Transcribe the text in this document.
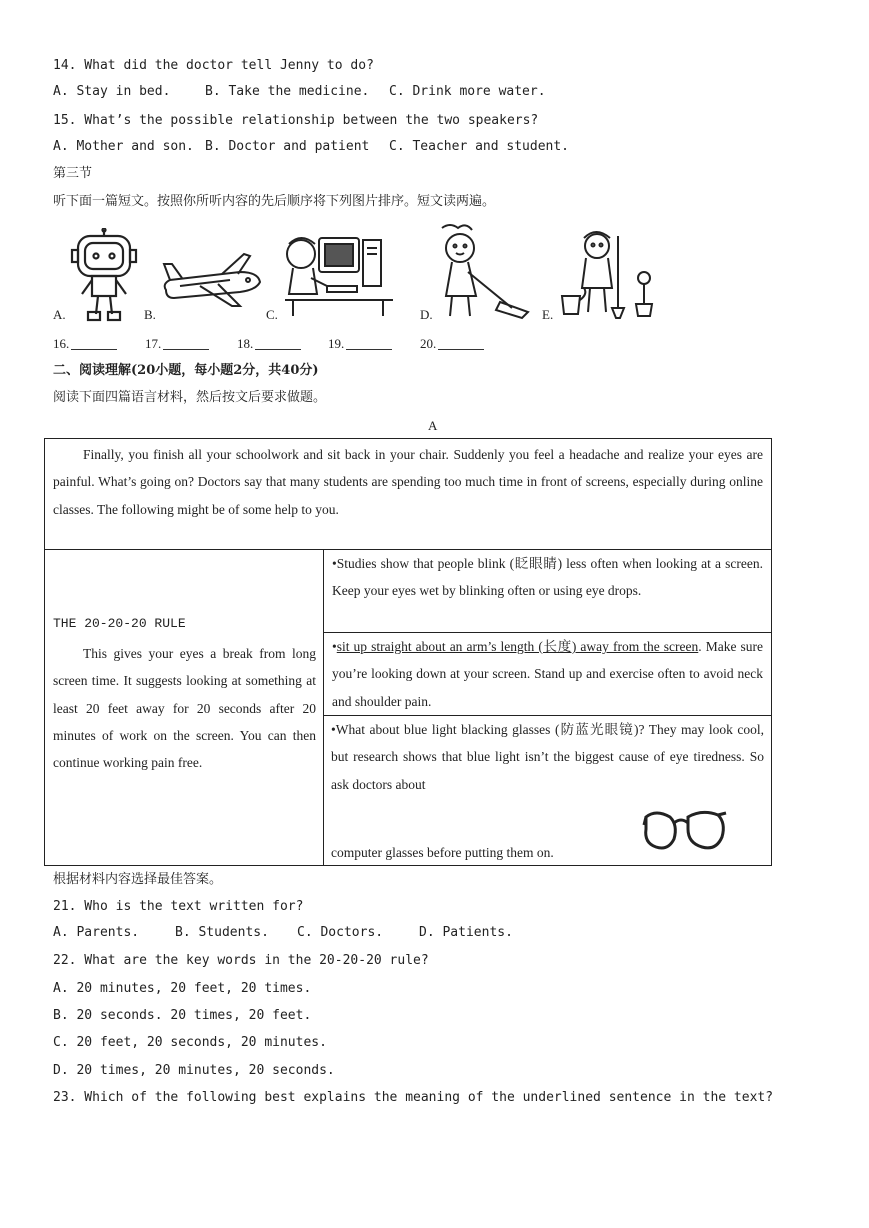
14. What did the doctor tell Jenny to do?
A. Stay in bed.	B. Take the medicine. C. Drink more water.
15. What’s the possible relationship between the two speakers?
A. Mother and son. B. Doctor and patient C. Teacher and student.
第三节
听下面一篇短文。按照你所听内容的先后顺序将下列图片排序。短文读两遍。
A.	B.	C.	D.	E.
16.	17.	18.	19.	20.
二、阅读理解(20小题，每小题2分，共40分)
阅读下面四篇语言材料，然后按文后要求做题。
A
Finally, you finish all your schoolwork and sit back in your chair. Suddenly you feel a headache and realize your eyes are painful. What’s going on? Doctors say that many students are spending too much time in front of screens, especially during online classes. The following might be of some help to you.
THE 20-20-20 RULE
This gives your eyes a break from long screen time. It suggests looking at something at least 20 feet away for 20 seconds after 20 minutes of work on the screen. You can then continue working pain free.
•Studies show that people blink (眨眼睛) less often when looking at a screen. Keep your eyes wet by blinking often or using eye drops.
•sit up straight about an arm’s length (长度) away from the screen. Make sure you’re looking down at your screen. Stand up and exercise often to avoid neck and shoulder pain.
•What about blue light blacking glasses (防蓝光眼镜)? They may look cool, but research shows that blue light isn’t the biggest cause of eye tiredness. So ask doctors about
computer glasses before putting them on.
根据材料内容选择最佳答案。
21. Who is the text written for?
A. Parents.	B. Students. C. Doctors.	D. Patients.
22. What are the key words in the 20-20-20 rule?
A. 20 minutes, 20 feet, 20 times.
B. 20 seconds. 20 times, 20 feet.
C. 20 feet, 20 seconds, 20 minutes.
D. 20 times, 20 minutes, 20 seconds.
23. Which of the following best explains the meaning of the underlined sentence in the text?
